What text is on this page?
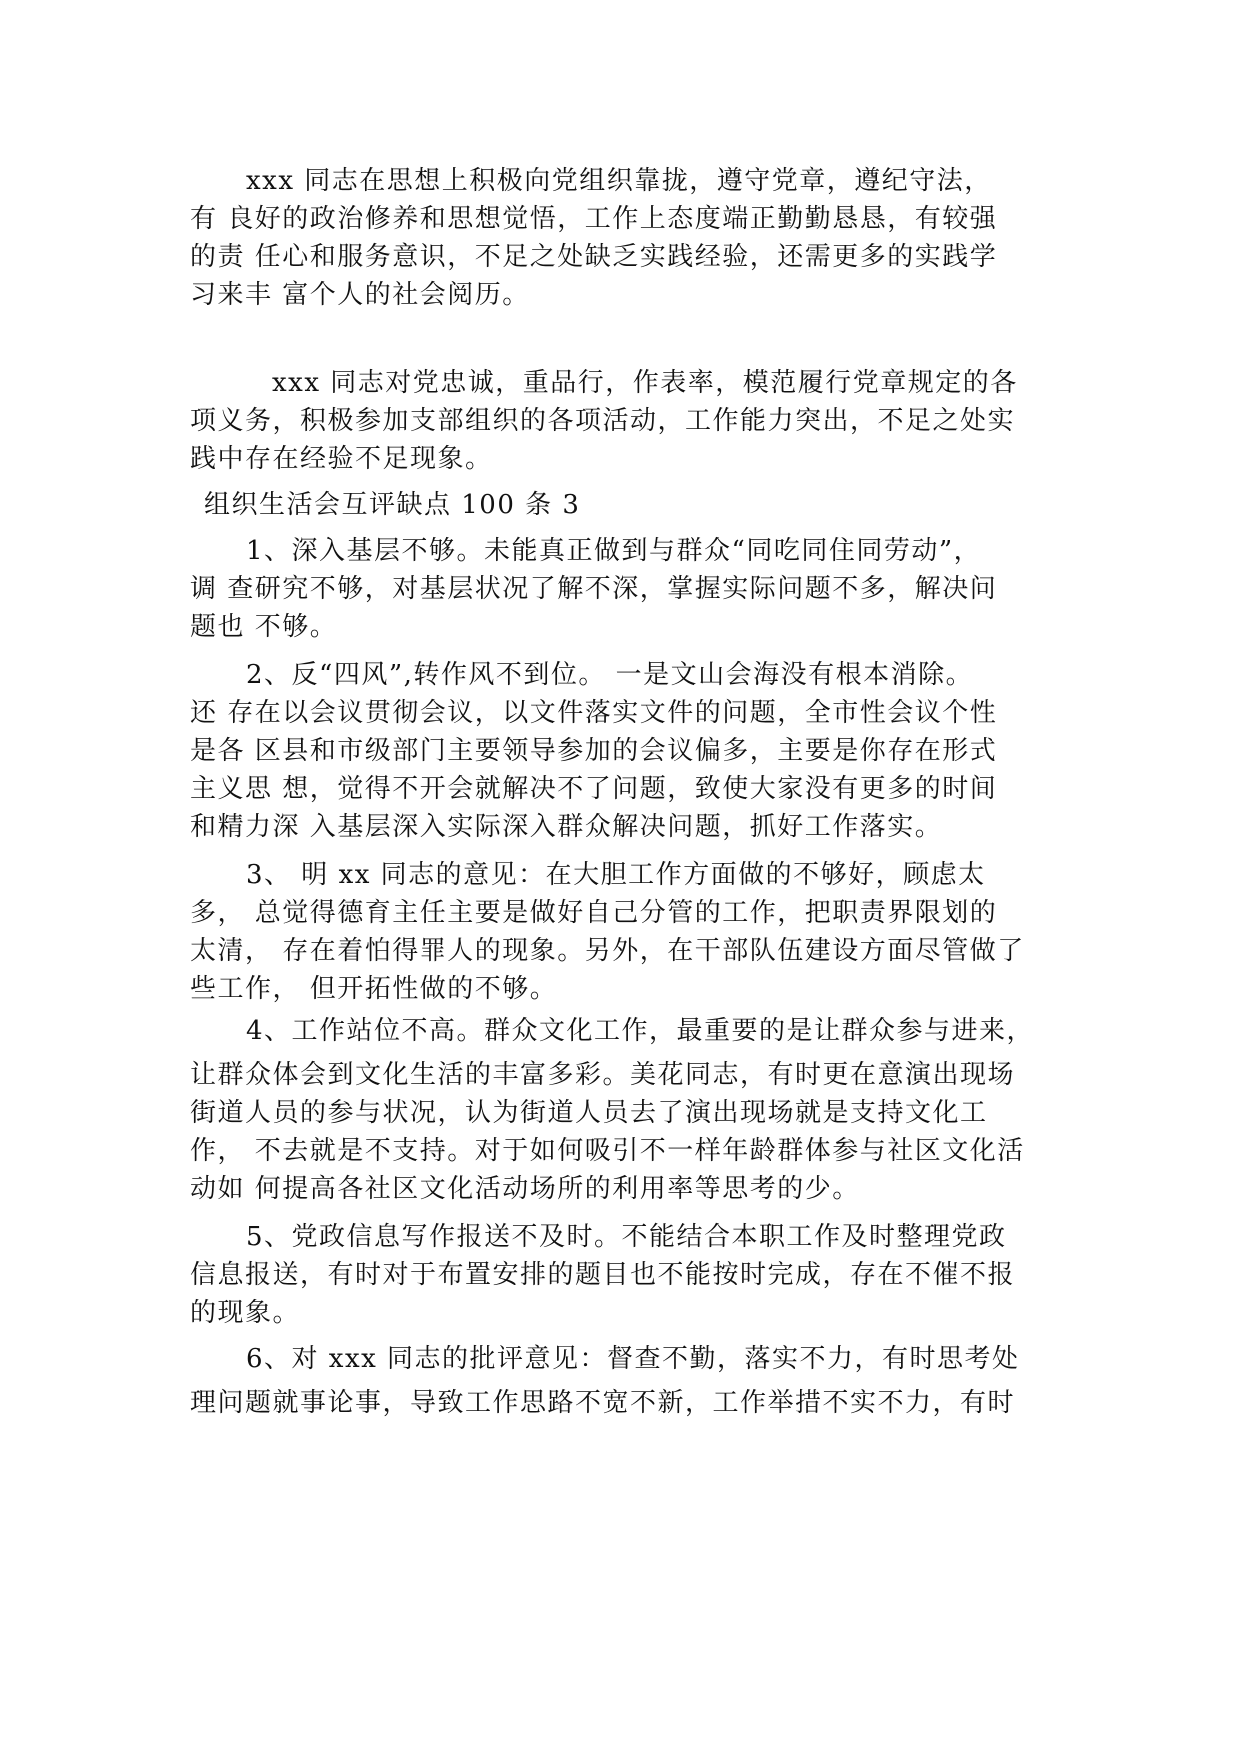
xxx 同志在思想上积极向党组织靠拢，遵守党章，遵纪守法，
有 良好的政治修养和思想觉悟，工作上态度端正勤勤恳恳，有较强
的责 任心和服务意识，不足之处缺乏实践经验，还需更多的实践学
习来丰 富个人的社会阅历。
xxx 同志对党忠诚，重品行，作表率，模范履行党章规定的各
项义务，积极参加支部组织的各项活动，工作能力突出，不足之处实
践中存在经验不足现象。
组织生活会互评缺点 100 条 3
1、深入基层不够。未能真正做到与群众“同吃同住同劳动”，
调 查研究不够，对基层状况了解不深，掌握实际问题不多，解决问
题也 不够。
2、反“四风”,转作风不到位。 一是文山会海没有根本消除。
还 存在以会议贯彻会议，以文件落实文件的问题，全市性会议个性
是各 区县和市级部门主要领导参加的会议偏多，主要是你存在形式
主义思 想，觉得不开会就解决不了问题，致使大家没有更多的时间
和精力深 入基层深入实际深入群众解决问题，抓好工作落实。
3、 明 xx 同志的意见：在大胆工作方面做的不够好，顾虑太
多， 总觉得德育主任主要是做好自己分管的工作，把职责界限划的
太清， 存在着怕得罪人的现象。另外，在干部队伍建设方面尽管做了
些工作， 但开拓性做的不够。
4、工作站位不高。群众文化工作，最重要的是让群众参与进来，
让群众体会到文化生活的丰富多彩。美花同志，有时更在意演出现场
街道人员的参与状况，认为街道人员去了演出现场就是支持文化工
作， 不去就是不支持。对于如何吸引不一样年龄群体参与社区文化活
动如 何提高各社区文化活动场所的利用率等思考的少。
5、党政信息写作报送不及时。不能结合本职工作及时整理党政
信息报送，有时对于布置安排的题目也不能按时完成，存在不催不报
的现象。
6、对 xxx 同志的批评意见：督查不勤，落实不力，有时思考处
理问题就事论事，导致工作思路不宽不新，工作举措不实不力，有时
